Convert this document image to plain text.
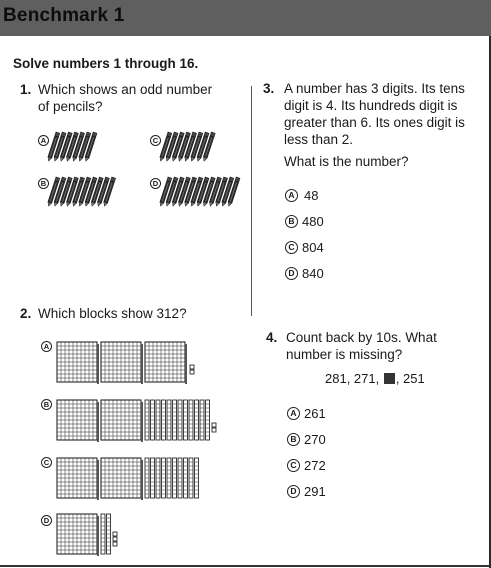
Benchmark 1
Solve numbers 1 through 16.
1. Which shows an odd number
of pencils?
A	C
B	D
2. Which blocks show 312?
A
B
C
D
3. A number has 3 digits. Its tens
digit is 4. Its hundreds digit is
greater than 6. Its ones digit is
less than 2.
What is the number?
A 48
B 480
C 804
D 840
4. Count back by 10s. What
number is missing?
281, 271, , 251
A 261
B 270
C 272
D 291
